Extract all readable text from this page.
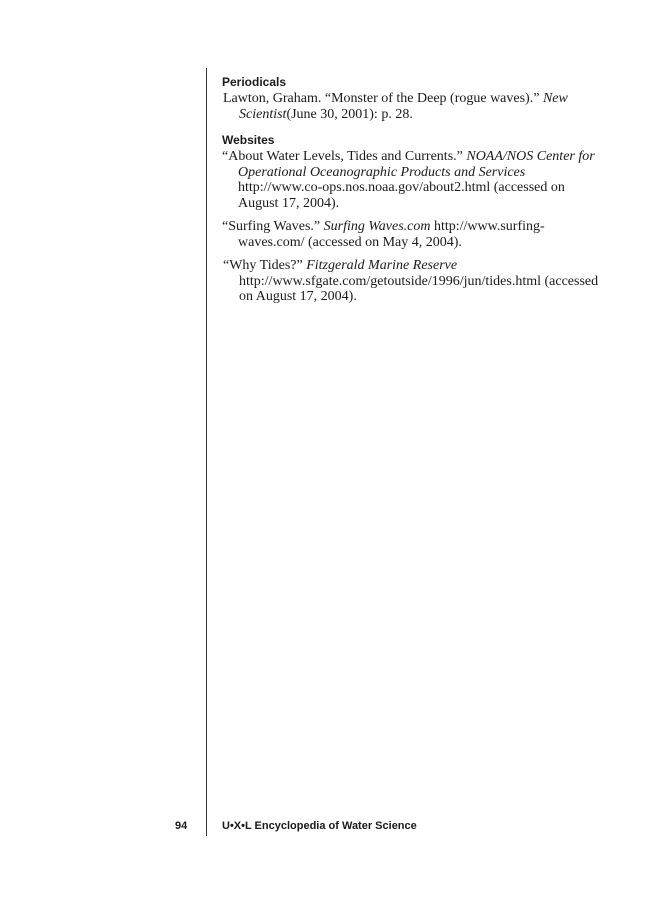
Periodicals

Lawton, Graham. “Monster of the Deep (rogue waves).” New Scientist(June 30, 2001): p. 28.

Websites

“About Water Levels, Tides and Currents.” NOAA/NOS Center for Operational Oceanographic Products and Services http://www.co-ops.nos.noaa.gov/about2.html (accessed on August 17, 2004).

“Surfing Waves.” Surfing Waves.com http://www.surfing-waves.com/ (accessed on May 4, 2004).

“Why Tides?” Fitzgerald Marine Reserve http://www.sfgate.com/getoutside/1996/jun/tides.html (accessed on August 17, 2004).

94	U•X•L Encyclopedia of Water Science
